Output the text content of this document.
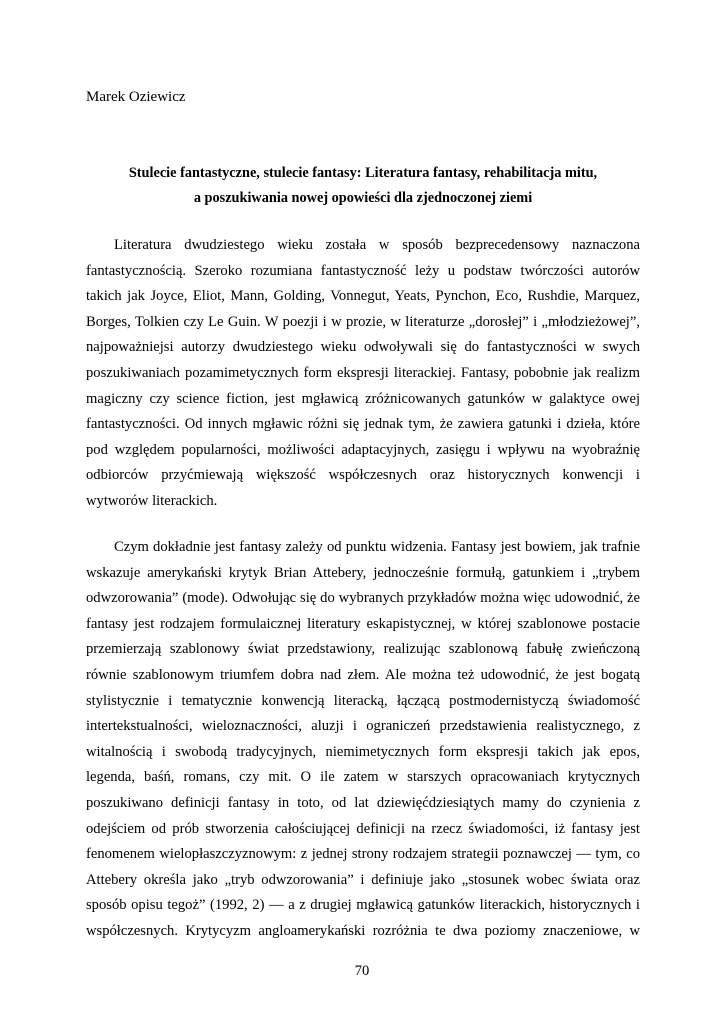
Marek Oziewicz
Stulecie fantastyczne, stulecie fantasy: Literatura fantasy, rehabilitacja mitu,
a poszukiwania nowej opowieści dla zjednoczonej ziemi

Literatura dwudziestego wieku została w sposób bezprecedensowy naznaczona
fantastycznością. Szeroko rozumiana fantastyczność leży u podstaw twórczości autorów
takich jak Joyce, Eliot, Mann, Golding, Vonnegut, Yeats, Pynchon, Eco, Rushdie, Marquez,
Borges, Tolkien czy Le Guin. W poezji i w prozie, w literaturze „dorosłej” i „młodzieżowej”,
najpoważniejsi autorzy dwudziestego wieku odwoływali się do fantastyczności w swych
poszukiwaniach pozamimetycznych form ekspresji literackiej. Fantasy, pobobnie jak realizm
magiczny czy science fiction, jest mgławicą zróżnicowanych gatunków w galaktyce owej
fantastyczności. Od innych mgławic różni się jednak tym, że zawiera gatunki i dzieła, które
pod względem popularności, możliwości adaptacyjnych, zasięgu i wpływu na wyobraźnię
odbiorców przyćmiewają większość współczesnych oraz historycznych konwencji i
wytworów literackich.

Czym dokładnie jest fantasy zależy od punktu widzenia. Fantasy jest bowiem, jak trafnie
wskazuje amerykański krytyk Brian Attebery, jednocześnie formułą, gatunkiem i „trybem
odwzorowania” (mode). Odwołując się do wybranych przykładów można więc udowodnić, że
fantasy jest rodzajem formulaicznej literatury eskapistycznej, w której szablonowe postacie
przemierzają szablonowy świat przedstawiony, realizując szablonową fabułę zwieńczoną
równie szablonowym triumfem dobra nad złem. Ale można też udowodnić, że jest bogatą
stylistycznie i tematycznie konwencją literacką, łączącą postmodernistyczą świadomość
intertekstualności, wieloznaczności, aluzji i ograniczeń przedstawienia realistycznego, z
witalnością i swobodą tradycyjnych, niemimetycznych form ekspresji takich jak epos,
legenda, baśń, romans, czy mit. O ile zatem w starszych opracowaniach krytycznych
poszukiwano definicji fantasy in toto, od lat dziewięćdziesiątych mamy do czynienia z
odejściem od prób stworzenia całościującej definicji na rzecz świadomości, iż fantasy jest
fenomenem wielopłaszczyznowym: z jednej strony rodzajem strategii poznawczej — tym, co
Attebery określa jako „tryb odwzorowania” i definiuje jako „stosunek wobec świata oraz
sposób opisu tegoż” (1992, 2) — a z drugiej mgławicą gatunków literackich, historycznych i
współczesnych. Krytycyzm angloamerykański rozróżnia te dwa poziomy znaczeniowe, w

70
